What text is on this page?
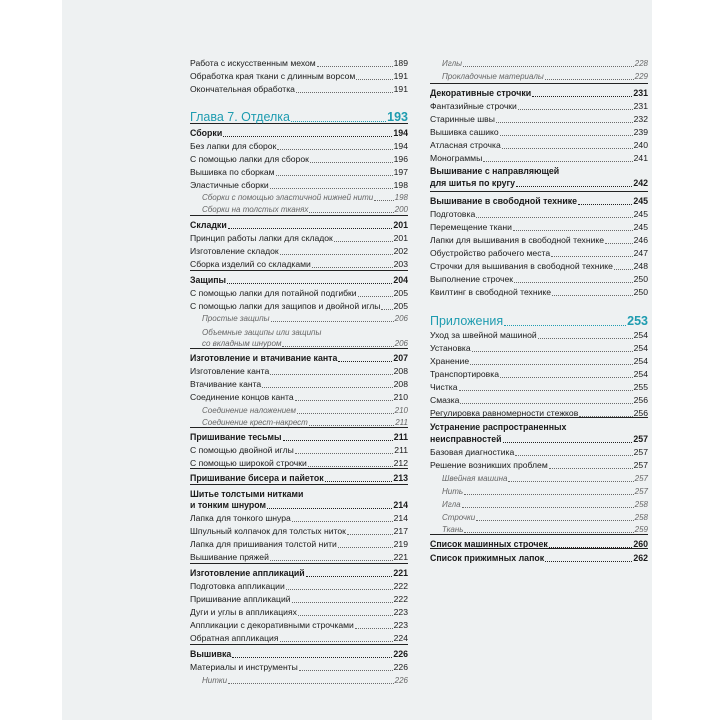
Работа с искусственным мехом	189
Обработка края ткани с длинным ворсом	191
Окончательная обработка	191
Глава 7. Отделка	193
Сборки	194
Без лапки для сборок	194
С помощью лапки для сборок	196
Вышивка по сборкам	197
Эластичные сборки	198
Сборки с помощью эластичной нижней нити	198
Сборки на толстых тканях	200
Складки	201
Принцип работы лапки для складок	201
Изготовление складок	202
Сборка изделий со складками	203
Защипы	204
С помощью лапки для потайной подгибки	205
С помощью лапки для защипов и двойной иглы 205
Простые защипы	206
Объемные защипы или защипы
со вкладным шнуром	206
Изготовление и втачивание канта	207
Изготовление канта	208
Втачивание канта	208
Соединение концов канта	210
Соединение наложением	210
Соединение крест-накрест	211
Пришивание тесьмы	211
С помощью двойной иглы	211
С помощью широкой строчки	212
Пришивание бисера и пайеток	213
Шитье толстыми нитками
и тонким шнуром	214
Лапка для тонкого шнура	214
Шпульный колпачок для толстых ниток	217
Лапка для пришивания толстой нити	219
Вышивание пряжей	221
Изготовление аппликаций	221
Подготовка аппликации	222
Пришивание аппликаций	222
Дуги и углы в аппликациях	223
Аппликации с декоративными строчками	223
Обратная аппликация	224
Вышивка	226
Материалы и инструменты	226
Нитки	226
Иглы	228
Прокладочные материалы	229
Декоративные строчки	231
Фантазийные строчки	231
Старинные швы	232
Вышивка сашико	239
Атласная строчка	240
Монограммы	241
Вышивание с направляющей
для шитья по кругу	242
Вышивание в свободной технике	245
Подготовка	245
Перемещение ткани	245
Лапки для вышивания в свободной технике	246
Обустройство рабочего места	247
Строчки для вышивания в свободной технике 248
Выполнение строчек	250
Квилтинг в свободной технике	250
Приложения	253
Уход за швейной машиной	254
Установка	254
Хранение	254
Транспортировка	254
Чистка	255
Смазка	256
Регулировка равномерности стежков	256
Устранение распространенных
неисправностей	257
Базовая диагностика	257
Решение возникших проблем	257
Швейная машина	257
Нить	257
Игла	258
Строчки	258
Ткань	259
Список машинных строчек	260
Список прижимных лапок	262
